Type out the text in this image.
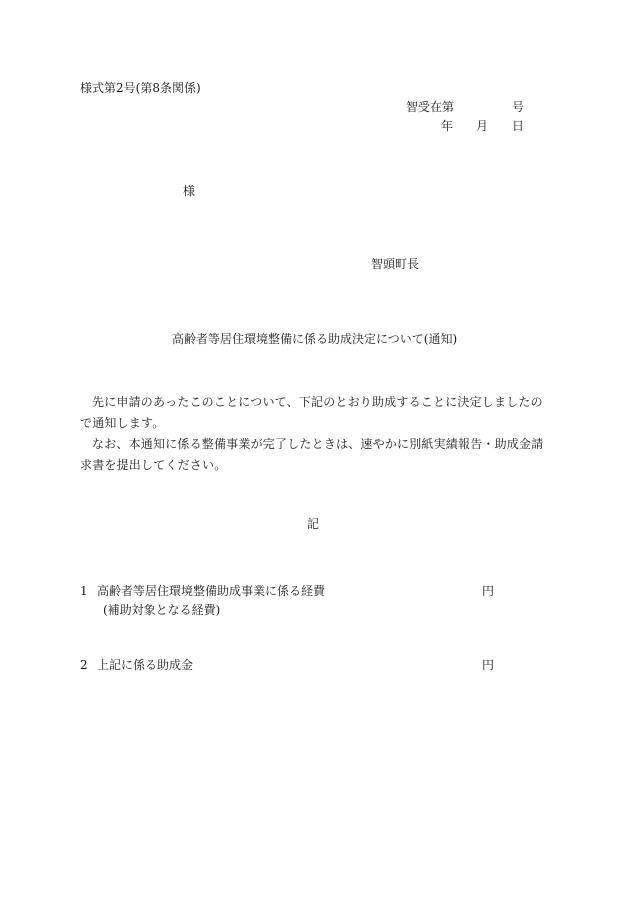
様式第2号(第8条関係)
智受在第	号
年 月 日
様
智頭町長
高齢者等居住環境整備に係る助成決定について(通知)

先に申請のあったこのことについて、下記のとおり助成することに決定しましたので通知します。

なお、本通知に係る整備事業が完了したときは、速やかに別紙実績報告・助成金請求書を提出してください。

記
1 高齢者等居住環境整備助成事業に係る経費	円
(補助対象となる経費)
2 上記に係る助成金	円
